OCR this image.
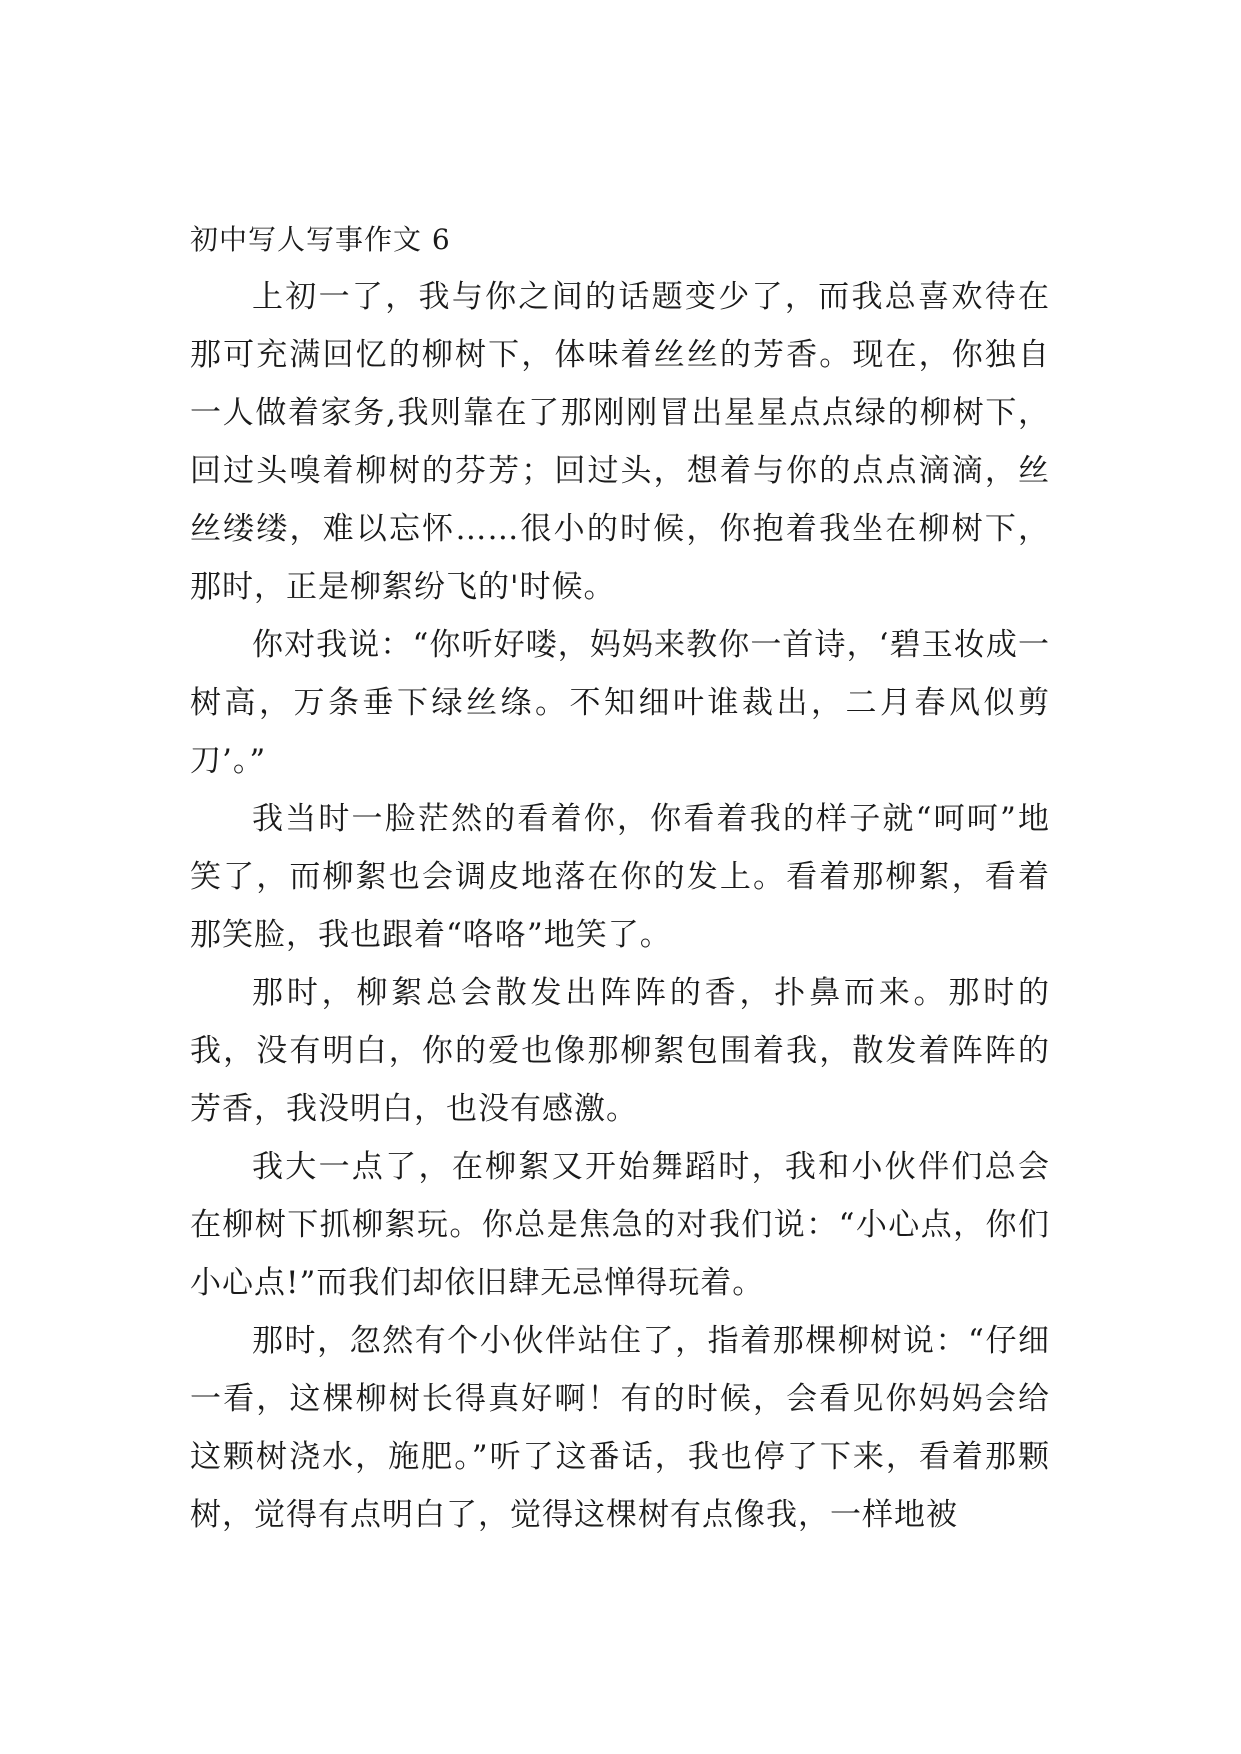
初中写人写事作文 6

上初一了，我与你之间的话题变少了，而我总喜欢待在那可充满回忆的柳树下，体味着丝丝的芳香。现在，你独自一人做着家务,我则靠在了那刚刚冒出星星点点绿的柳树下，回过头嗅着柳树的芬芳；回过头，想着与你的点点滴滴，丝丝缕缕，难以忘怀……很小的时候，你抱着我坐在柳树下，那时，正是柳絮纷飞的'时候。

你对我说：“你听好喽，妈妈来教你一首诗，‘碧玉妆成一树高，万条垂下绿丝绦。不知细叶谁裁出，二月春风似剪刀’。”

我当时一脸茫然的看着你，你看着我的样子就“呵呵”地笑了，而柳絮也会调皮地落在你的发上。看着那柳絮，看着那笑脸，我也跟着“咯咯”地笑了。

那时，柳絮总会散发出阵阵的香，扑鼻而来。那时的我，没有明白，你的爱也像那柳絮包围着我，散发着阵阵的芳香，我没明白，也没有感激。

我大一点了，在柳絮又开始舞蹈时，我和小伙伴们总会在柳树下抓柳絮玩。你总是焦急的对我们说：“小心点，你们小心点!”而我们却依旧肆无忌惮得玩着。

那时，忽然有个小伙伴站住了，指着那棵柳树说：“仔细一看，这棵柳树长得真好啊！有的时候，会看见你妈妈会给这颗树浇水，施肥。”听了这番话，我也停了下来，看着那颗树，觉得有点明白了，觉得这棵树有点像我，一样地被
